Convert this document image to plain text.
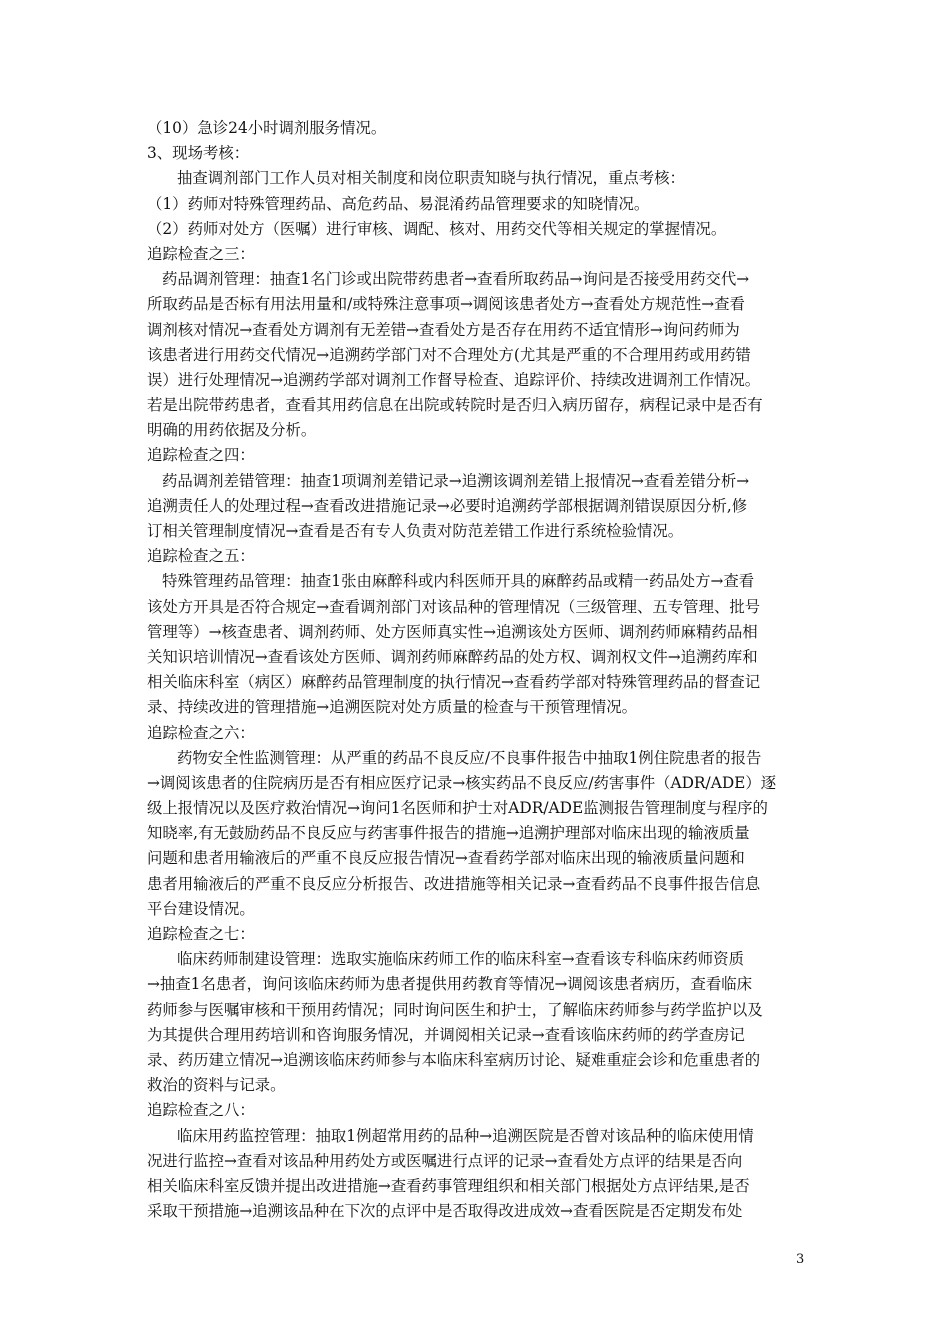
（10）急诊24小时调剂服务情况。
3、现场考核：
抽查调剂部门工作人员对相关制度和岗位职责知晓与执行情况，重点考核：
（1）药师对特殊管理药品、高危药品、易混淆药品管理要求的知晓情况。
（2）药师对处方（医嘱）进行审核、调配、核对、用药交代等相关规定的掌握情况。
追踪检查之三：
药品调剂管理：抽查1名门诊或出院带药患者→查看所取药品→询问是否接受用药交代→
所取药品是否标有用法用量和/或特殊注意事项→调阅该患者处方→查看处方规范性→查看
调剂核对情况→查看处方调剂有无差错→查看处方是否存在用药不适宜情形→询问药师为
该患者进行用药交代情况→追溯药学部门对不合理处方(尤其是严重的不合理用药或用药错
误）进行处理情况→追溯药学部对调剂工作督导检查、追踪评价、持续改进调剂工作情况。
若是出院带药患者，查看其用药信息在出院或转院时是否归入病历留存，病程记录中是否有
明确的用药依据及分析。
追踪检查之四：
药品调剂差错管理：抽查1项调剂差错记录→追溯该调剂差错上报情况→查看差错分析→
追溯责任人的处理过程→查看改进措施记录→必要时追溯药学部根据调剂错误原因分析,修
订相关管理制度情况→查看是否有专人负责对防范差错工作进行系统检验情况。
追踪检查之五：
特殊管理药品管理：抽查1张由麻醉科或内科医师开具的麻醉药品或精一药品处方→查看
该处方开具是否符合规定→查看调剂部门对该品种的管理情况（三级管理、五专管理、批号
管理等）→核查患者、调剂药师、处方医师真实性→追溯该处方医师、调剂药师麻精药品相
关知识培训情况→查看该处方医师、调剂药师麻醉药品的处方权、调剂权文件→追溯药库和
相关临床科室（病区）麻醉药品管理制度的执行情况→查看药学部对特殊管理药品的督查记
录、持续改进的管理措施→追溯医院对处方质量的检查与干预管理情况。
追踪检查之六：
药物安全性监测管理：从严重的药品不良反应/不良事件报告中抽取1例住院患者的报告
→调阅该患者的住院病历是否有相应医疗记录→核实药品不良反应/药害事件（ADR/ADE）逐
级上报情况以及医疗救治情况→询问1名医师和护士对ADR/ADE监测报告管理制度与程序的
知晓率,有无鼓励药品不良反应与药害事件报告的措施→追溯护理部对临床出现的输液质量
问题和患者用输液后的严重不良反应报告情况→查看药学部对临床出现的输液质量问题和
患者用输液后的严重不良反应分析报告、改进措施等相关记录→查看药品不良事件报告信息
平台建设情况。
追踪检查之七：
临床药师制建设管理：选取实施临床药师工作的临床科室→查看该专科临床药师资质
→抽查1名患者，询问该临床药师为患者提供用药教育等情况→调阅该患者病历，查看临床
药师参与医嘱审核和干预用药情况；同时询问医生和护士，了解临床药师参与药学监护以及
为其提供合理用药培训和咨询服务情况，并调阅相关记录→查看该临床药师的药学查房记
录、药历建立情况→追溯该临床药师参与本临床科室病历讨论、疑难重症会诊和危重患者的
救治的资料与记录。
追踪检查之八：
临床用药监控管理：抽取1例超常用药的品种→追溯医院是否曾对该品种的临床使用情
况进行监控→查看对该品种用药处方或医嘱进行点评的记录→查看处方点评的结果是否向
相关临床科室反馈并提出改进措施→查看药事管理组织和相关部门根据处方点评结果,是否
采取干预措施→追溯该品种在下次的点评中是否取得改进成效→查看医院是否定期发布处
3
